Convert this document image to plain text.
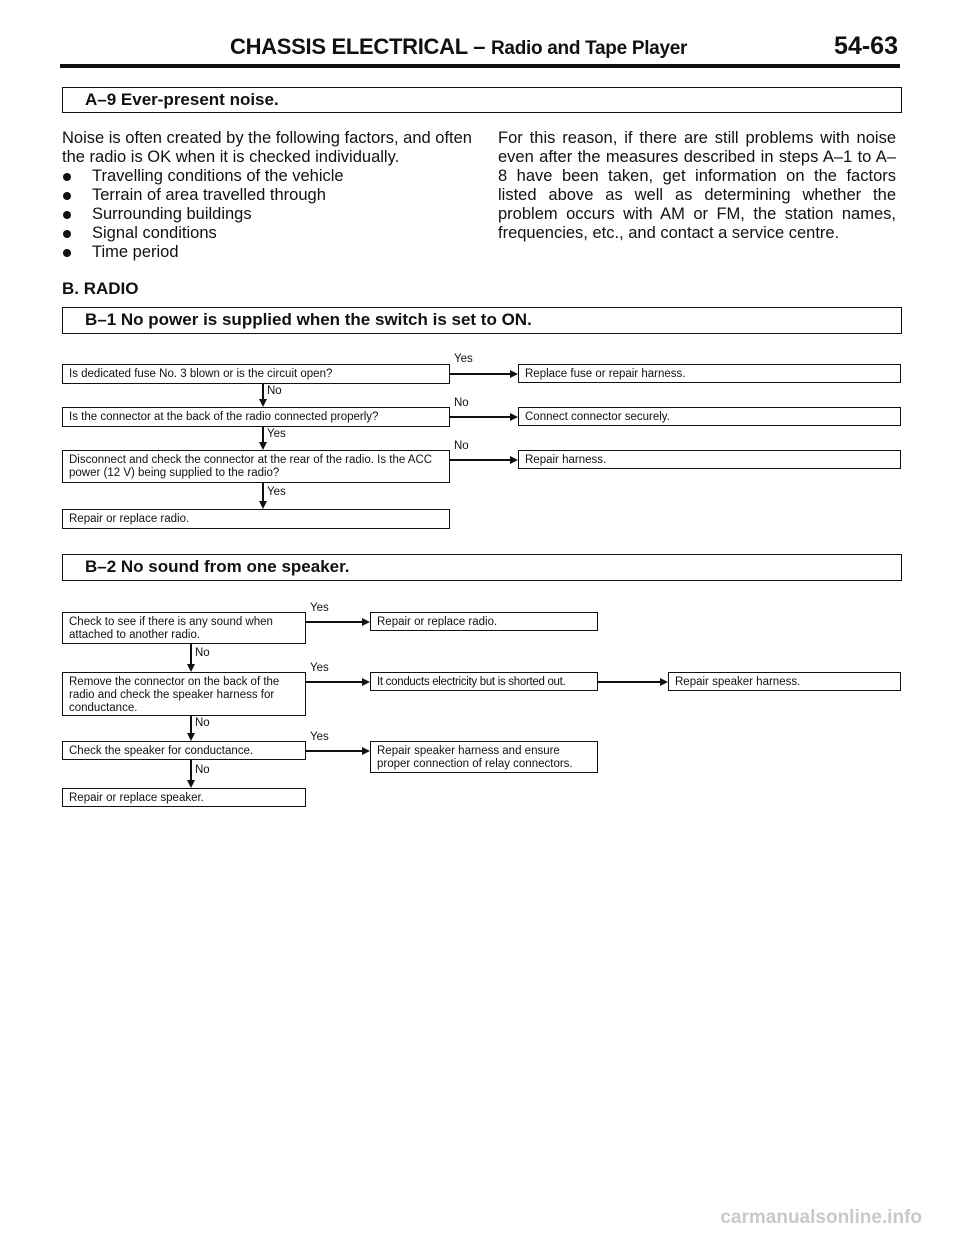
CHASSIS ELECTRICAL – Radio and Tape Player	54-63
A–9 Ever-present noise.
Noise is often created by the following factors, and often the radio is OK when it is checked individually.
Travelling conditions of the vehicle
Terrain of area travelled through
Surrounding buildings
Signal conditions
Time period
For this reason, if there are still problems with noise even after the measures described in steps A–1 to A–8 have been taken, get information on the factors listed above as well as determining whether the problem occurs with AM or FM, the station names, frequencies, etc., and contact a service centre.
B. RADIO
B–1 No power is supplied when the switch is set to ON.
Is dedicated fuse No. 3 blown or is the circuit open?
Is the connector at the back of the radio connected properly?
Disconnect and check the connector at the rear of the radio. Is the ACC power (12 V) being supplied to the radio?
Repair or replace radio.
Replace fuse or repair harness.
Connect connector securely.
Repair harness.
Yes
No
No
No
Yes
Yes
B–2 No sound from one speaker.
Check to see if there is any sound when attached to another radio.
Remove the connector on the back of the radio and check the speaker harness for conductance.
Check the speaker for conductance.
Repair or replace speaker.
Repair or replace radio.
It conducts electricity but is shorted out.
Repair speaker harness and ensure proper connection of relay connectors.
Repair speaker harness.
Yes
Yes
Yes
No
No
No
carmanualsonline.info
